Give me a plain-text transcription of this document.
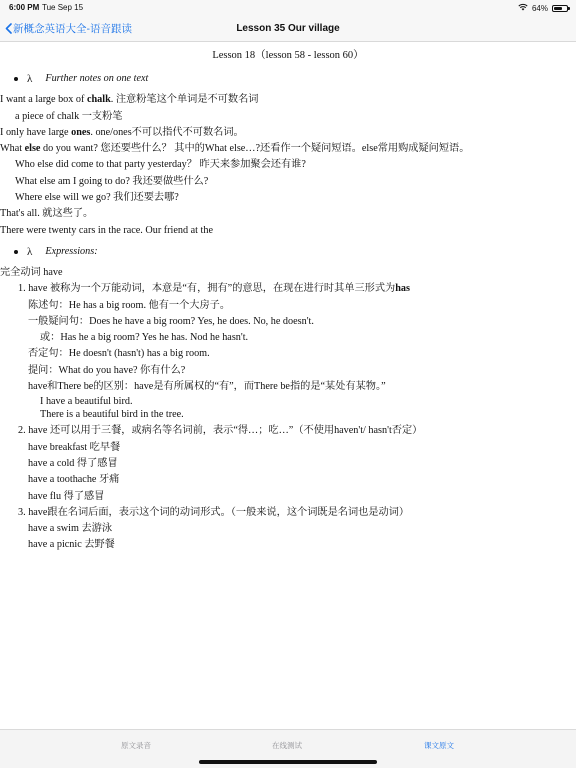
6:00 PM Tue Sep 15	64%
新概念英语大全-语音跟读	Lesson 35 Our village
Lesson 18（lesson 58 - lesson 60）
λ Further notes on one text
I want a large box of chalk. 注意粉笔这个单词是不可数名词
a piece of chalk 一支粉笔
I only have large ones. one/ones不可以指代不可数名词。
What else do you want? 您还要些什么？ 其中的What else…?还看作一个疑问短语。else常用购成疑问短语。
Who else did come to that party yesterday？ 昨天来参加聚会还有谁?
What else am I going to do? 我还要做些什么?
Where else will we go? 我们还要去哪?
That's all. 就这些了。
There were twenty cars in the race. Our friend at the
λ Expressions:
完全动词 have
1. have 被称为一个万能动词，本意是“有，拥有”的意思，在现在进行时其单三形式为has
陈述句：He has a big room. 他有一个大房子。
一般疑问句：Does he have a big room? Yes, he does. No, he doesn't.
或：Has he a big room? Yes he has. Nod he hasn't.
否定句：He doesn't (hasn't) has a big room.
提问：What do you have? 你有什么?
have和There be的区别：have是有所属权的“有”，而There be指的是“某处有某物。”
I have a beautiful bird.
There is a beautiful bird in the tree.
2. have 还可以用于三餐，或病名等名词前，表示“得…；吃…”（不使用haven't/ hasn't否定）
have breakfast 吃早餐
have a cold 得了感冒
have a toothache 牙痛
have flu 得了感冒
3. have跟在名词后面，表示这个词的动词形式。（一般来说，这个词既是名词也是动词）
have a swim 去游泳
have a picnic 去野餐
原文录音	在线测试	课文原文
